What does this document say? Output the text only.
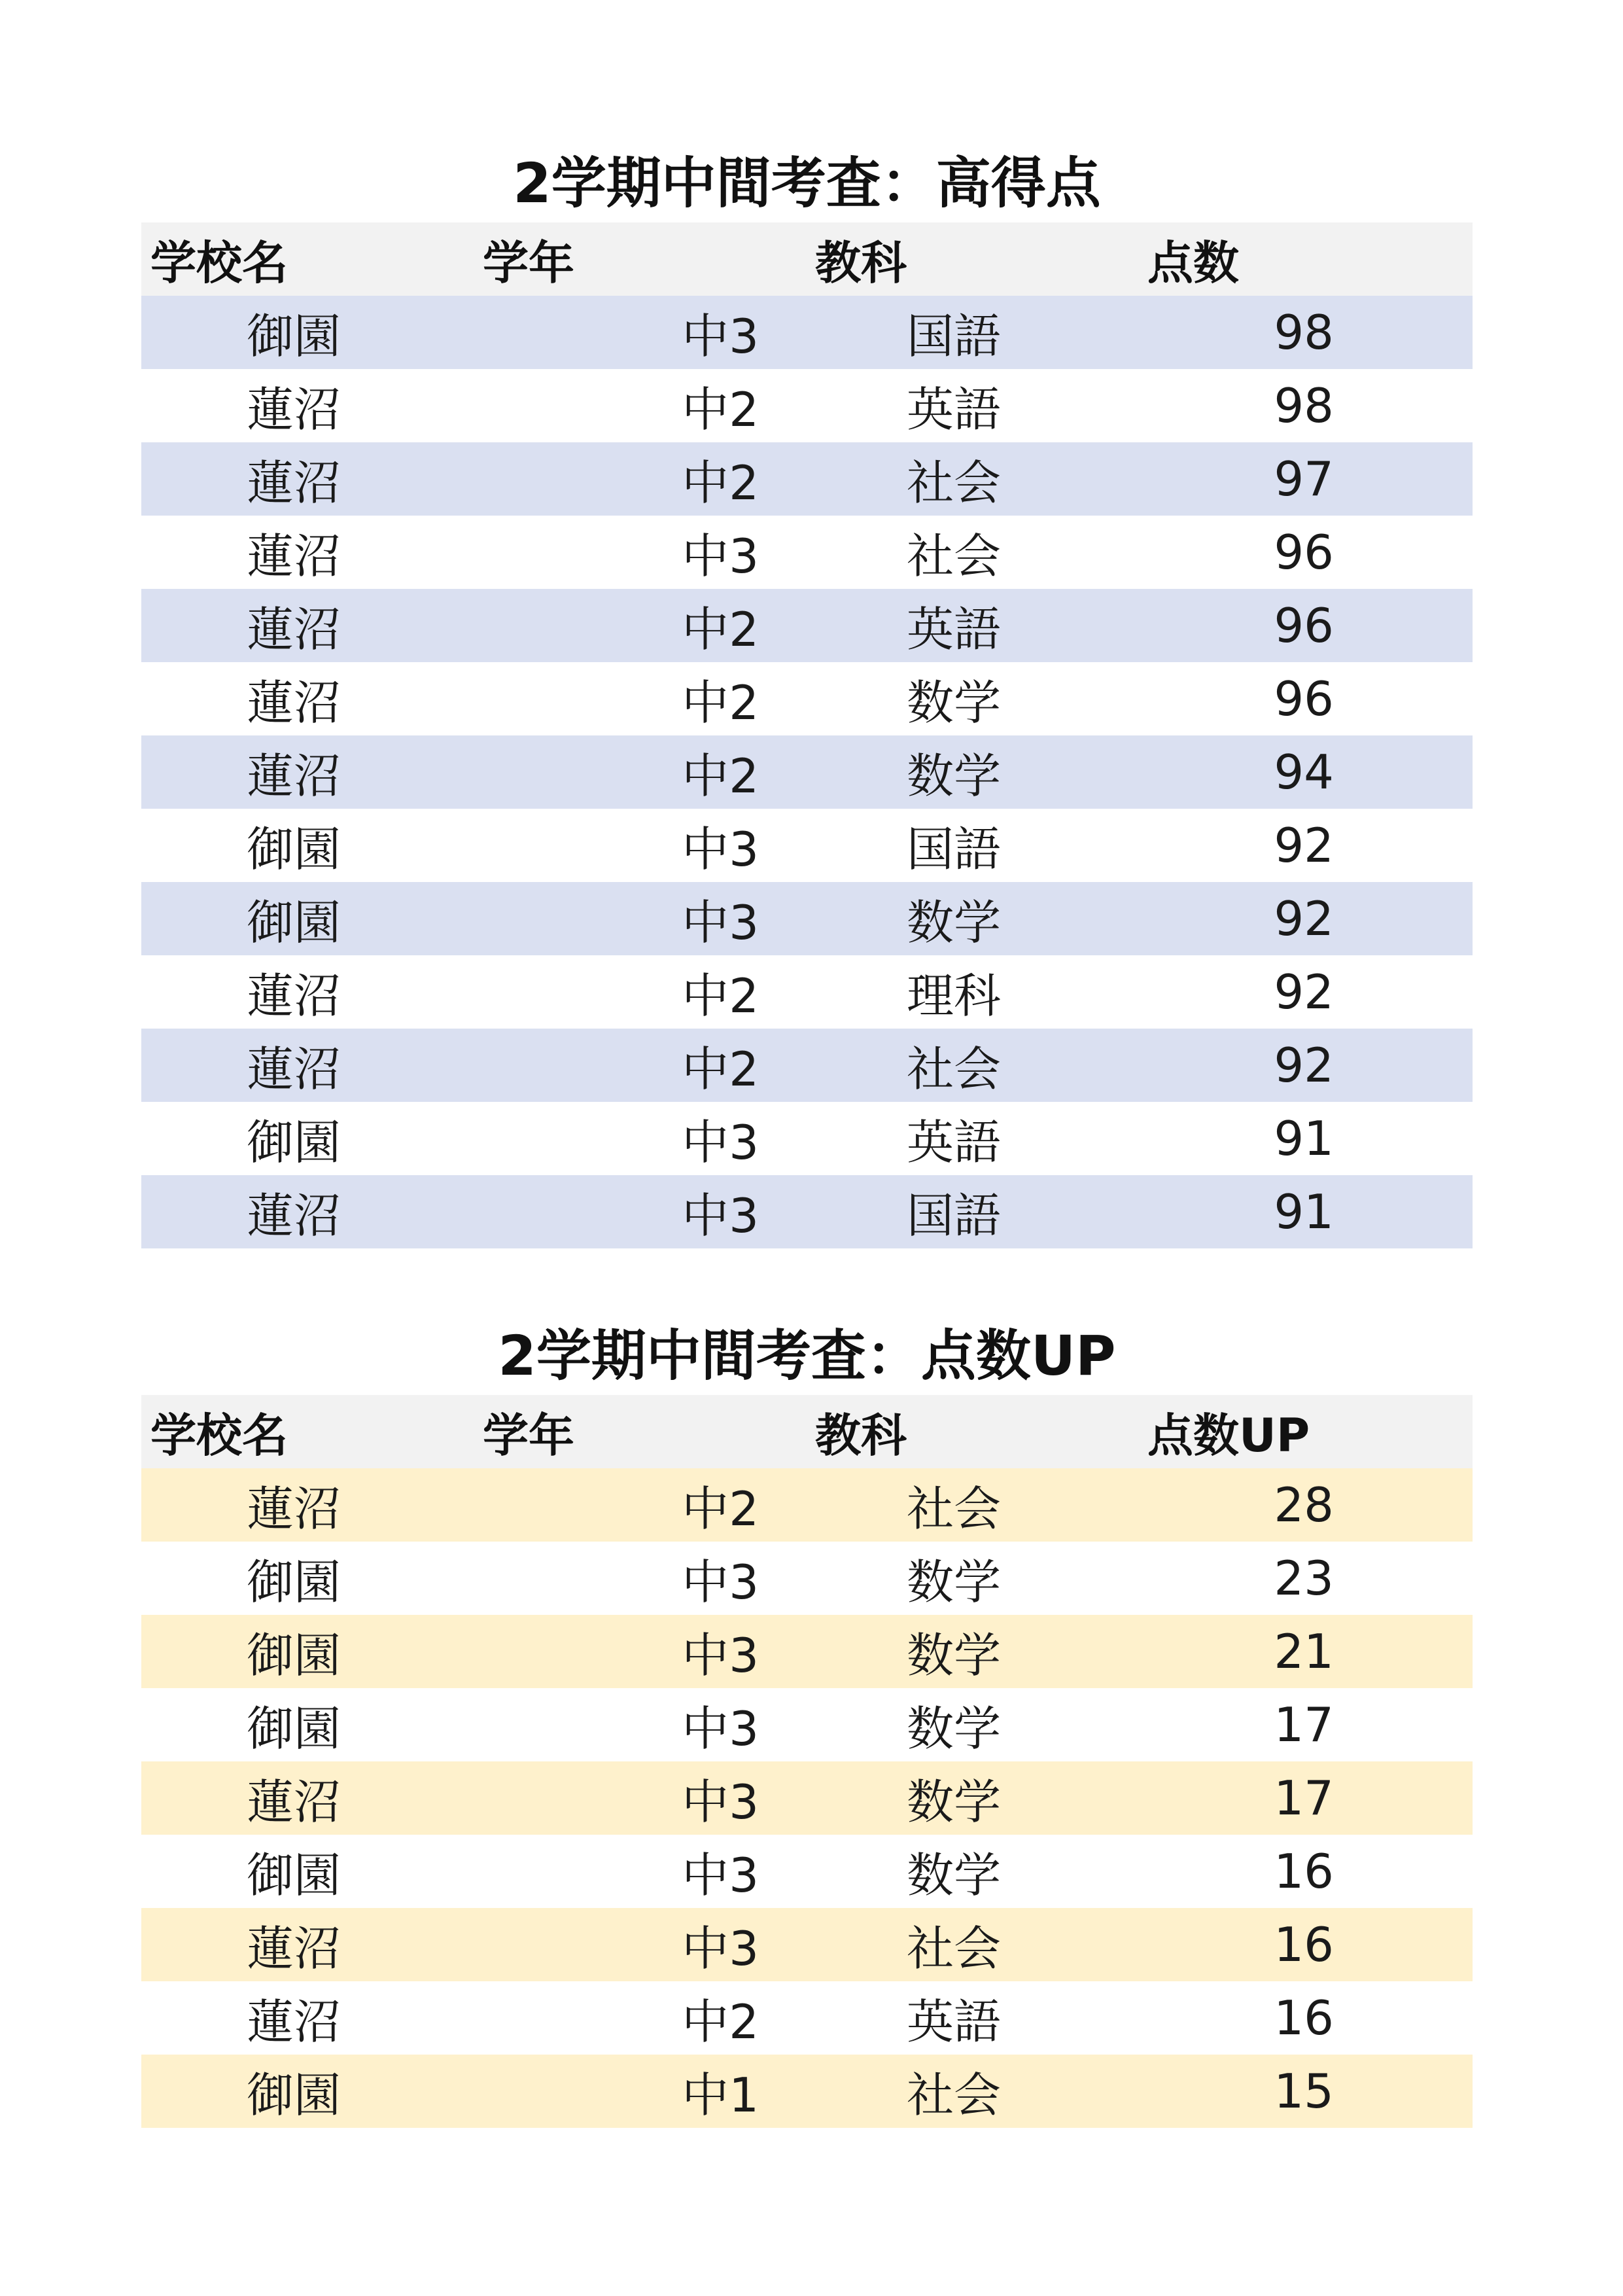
2学期中間考査：高得点
学校名	学年	教科	点数
御園	中3	国語	98
蓮沼	中2	英語	98
蓮沼	中2	社会	97
蓮沼	中3	社会	96
蓮沼	中2	英語	96
蓮沼	中2	数学	96
蓮沼	中2	数学	94
御園	中3	国語	92
御園	中3	数学	92
蓮沼	中2	理科	92
蓮沼	中2	社会	92
御園	中3	英語	91
蓮沼	中3	国語	91
2学期中間考査：点数UP
学校名	学年	教科	点数UP
蓮沼	中2	社会	28
御園	中3	数学	23
御園	中3	数学	21
御園	中3	数学	17
蓮沼	中3	数学	17
御園	中3	数学	16
蓮沼	中3	社会	16
蓮沼	中2	英語	16
御園	中1	社会	15
